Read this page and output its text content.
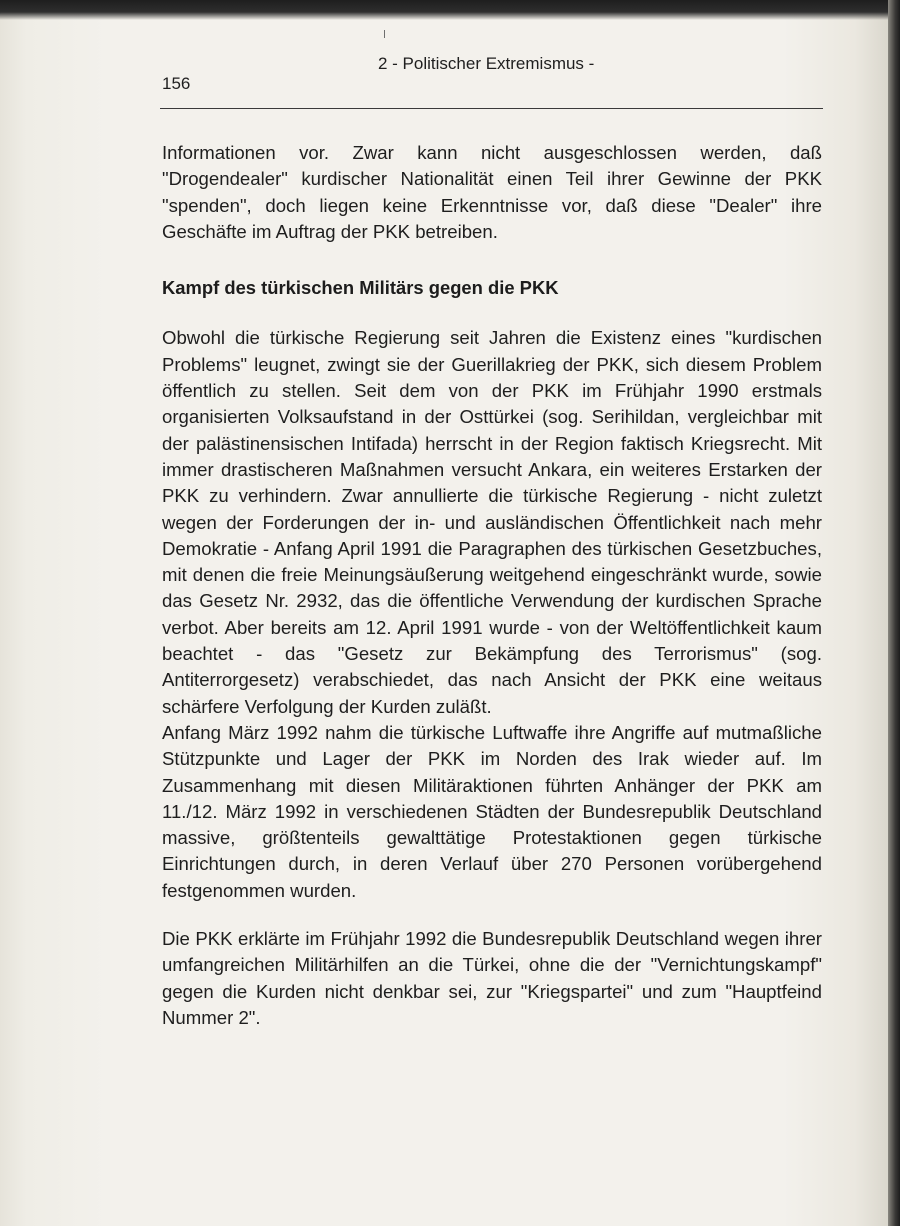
156
2 - Politischer Extremismus -

Informationen vor. Zwar kann nicht ausgeschlossen werden, daß "Drogendealer" kurdischer Nationalität einen Teil ihrer Gewinne der PKK "spenden", doch liegen keine Erkenntnisse vor, daß diese "Dealer" ihre Geschäfte im Auftrag der PKK betreiben.

Kampf des türkischen Militärs gegen die PKK

Obwohl die türkische Regierung seit Jahren die Existenz eines "kurdischen Problems" leugnet, zwingt sie der Guerillakrieg der PKK, sich diesem Problem öffentlich zu stellen. Seit dem von der PKK im Frühjahr 1990 erstmals organisierten Volksaufstand in der Osttürkei (sog. Serihildan, vergleichbar mit der palästinensischen Intifada) herrscht in der Region faktisch Kriegsrecht. Mit immer drastischeren Maßnahmen versucht Ankara, ein weiteres Erstarken der PKK zu verhindern. Zwar annullierte die türkische Regierung - nicht zuletzt wegen der Forderungen der in- und ausländischen Öffentlichkeit nach mehr Demokratie - Anfang April 1991 die Paragraphen des türkischen Gesetzbuches, mit denen die freie Meinungsäußerung weitgehend eingeschränkt wurde, sowie das Gesetz Nr. 2932, das die öffentliche Verwendung der kurdischen Sprache verbot. Aber bereits am 12. April 1991 wurde - von der Weltöffentlichkeit kaum beachtet - das "Gesetz zur Bekämpfung des Terrorismus" (sog. Antiterrorgesetz) verabschiedet, das nach Ansicht der PKK eine weitaus schärfere Verfolgung der Kurden zuläßt.

Anfang März 1992 nahm die türkische Luftwaffe ihre Angriffe auf mutmaßliche Stützpunkte und Lager der PKK im Norden des Irak wieder auf. Im Zusammenhang mit diesen Militäraktionen führten Anhänger der PKK am 11./12. März 1992 in verschiedenen Städten der Bundesrepublik Deutschland massive, größtenteils gewalttätige Protestaktionen gegen türkische Einrichtungen durch, in deren Verlauf über 270 Personen vorübergehend festgenommen wurden.

Die PKK erklärte im Frühjahr 1992 die Bundesrepublik Deutschland wegen ihrer umfangreichen Militärhilfen an die Türkei, ohne die der "Vernichtungskampf" gegen die Kurden nicht denkbar sei, zur "Kriegspartei" und zum "Hauptfeind Nummer 2".
